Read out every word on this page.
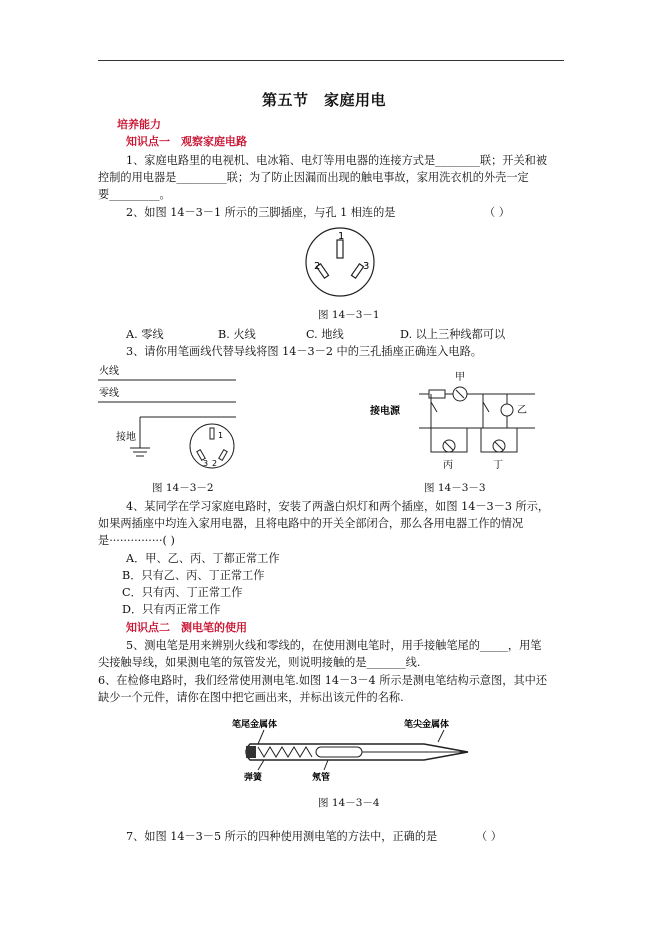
第五节　家庭用电
培养能力
知识点一　观察家庭电路
1、家庭电路里的电视机、电冰箱、电灯等用电器的连接方式是________联；开关和被
控制的用电器是_________联；为了防止因漏而出现的触电事故，家用洗衣机的外壳一定
要_________。
2、如图 14－3－1 所示的三脚插座，与孔 1 相连的是	（ ）
1
2	3
图 14－3－1
A. 零线	B. 火线	C. 地线	D. 以上三种线都可以
3、请你用笔画线代替导线将图 14－3－2 中的三孔插座正确连入电路。
火线
零线
接地	1
3 2
图 14－3－2
接电源
甲
乙
丙	丁
图 14－3－3
4、某同学在学习家庭电路时，安装了两盏白炽灯和两个插座，如图 14－3－3 所示，
如果两插座中均连入家用电器，且将电路中的开关全部闭合，那么各用电器工作的情况
是···············( )
A．甲、乙、丙、丁都正常工作
B．只有乙、丙、丁正常工作
C．只有丙、丁正常工作
D．只有丙正常工作
知识点二　测电笔的使用
5、测电笔是用来辨别火线和零线的，在使用测电笔时，用手接触笔尾的_____，用笔
尖接触导线，如果测电笔的氖管发光，则说明接触的是_______线.
6、在检修电路时，我们经常使用测电笔.如图 14－3－4 所示是测电笔结构示意图，其中还
缺少一个元件，请你在图中把它画出来，并标出该元件的名称.
笔尾金属体	笔尖金属体
弹簧	氖管
图 14－3－4
7、如图 14－3－5 所示的四种使用测电笔的方法中，正确的是	（ ）
